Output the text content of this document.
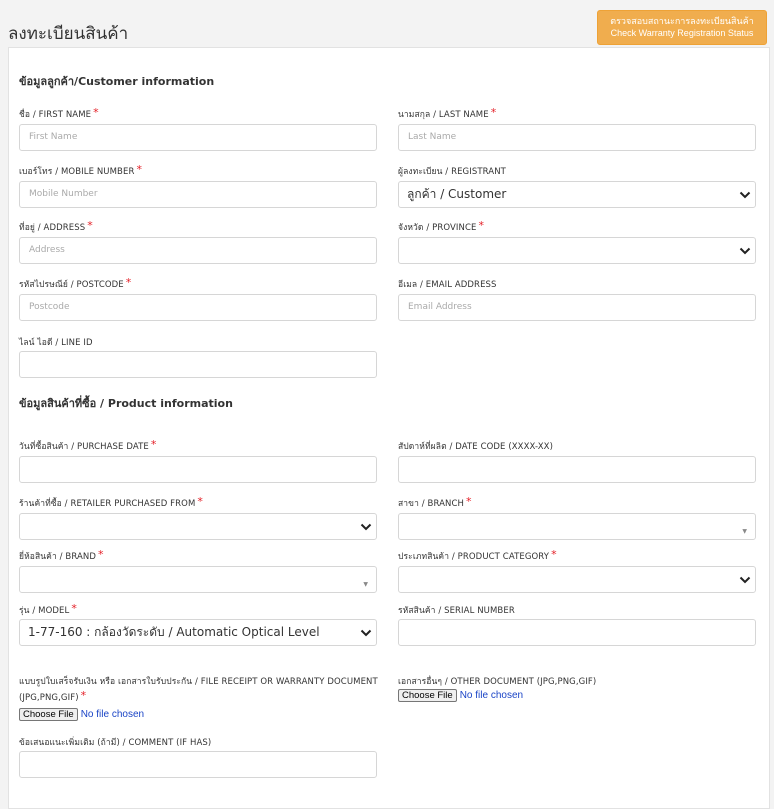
ลงทะเบียนสินค้า
ตรวจสอบสถานะการลงทะเบียนสินค้า
Check Warranty Registration Status
ข้อมูลลูกค้า/Customer information
ชื่อ / FIRST NAME *
First Name
นามสกุล / LAST NAME *
Last Name
เบอร์โทร / MOBILE NUMBER *
Mobile Number
ผู้ลงทะเบียน / REGISTRANT
ลูกค้า / Customer
ที่อยู่ / ADDRESS *
Address
จังหวัด / PROVINCE *
รหัสไปรษณีย์ / POSTCODE *
Postcode
อีเมล / EMAIL ADDRESS
Email Address
ไลน์ ไอดี / LINE ID
ข้อมูลสินค้าที่ซื้อ / Product information
วันที่ซื้อสินค้า / PURCHASE DATE *	สัปดาห์ที่ผลิต / DATE CODE (XXXX-XX)
ร้านค้าที่ซื้อ / RETAILER PURCHASED FROM *	สาขา / BRANCH *
▼
ยี่ห้อสินค้า / BRAND *
▼
ประเภทสินค้า / PRODUCT CATEGORY *
รุ่น / MODEL *
1-77-160 : กล้องวัดระดับ / Automatic Optical Level
รหัสสินค้า / SERIAL NUMBER
แบบรูปใบเสร็จรับเงิน หรือ เอกสารใบรับประกัน / FILE RECEIPT OR WARRANTY DOCUMENT
(JPG,PNG,GIF) *
Choose File No file chosen
เอกสารอื่นๆ / OTHER DOCUMENT (JPG,PNG,GIF)
Choose File No file chosen
ข้อเสนอแนะเพิ่มเติม (ถ้ามี) / COMMENT (IF HAS)
